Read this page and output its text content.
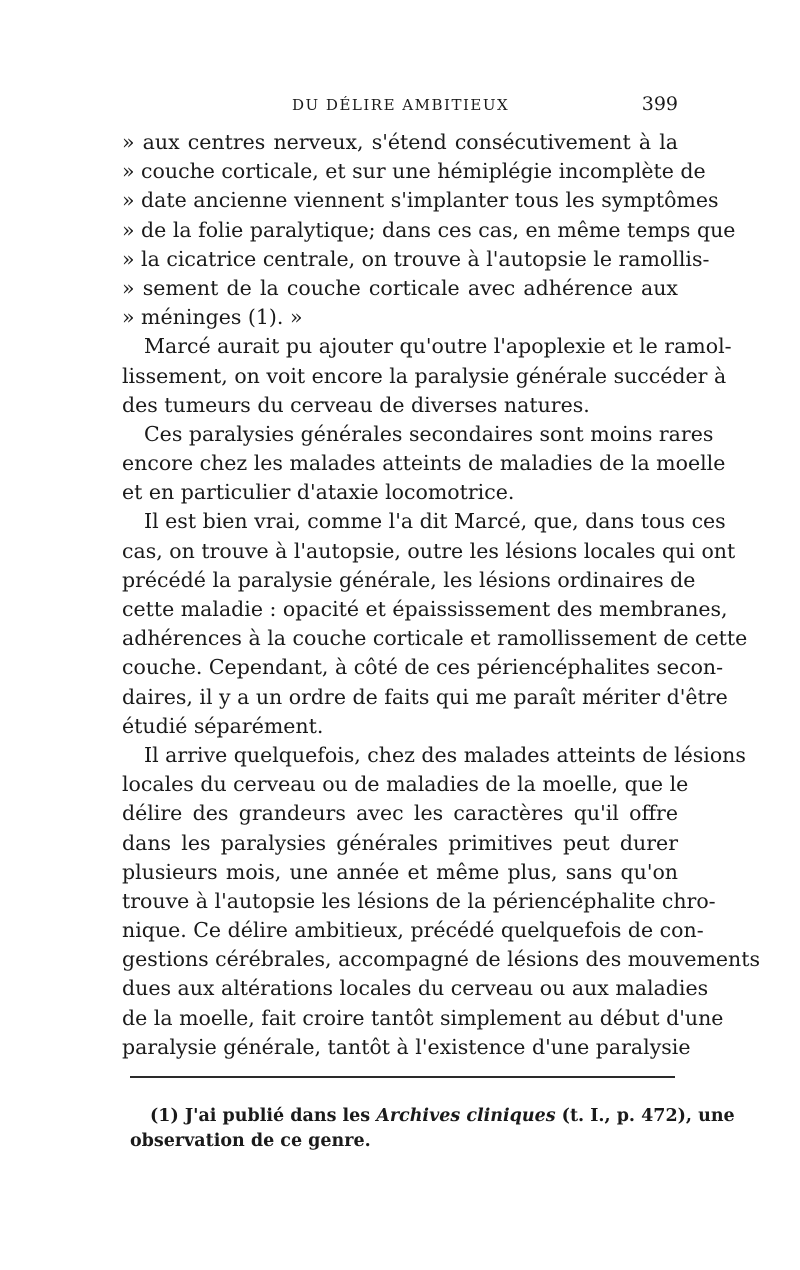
DU DÉLIRE AMBITIEUX	399
» aux centres nerveux, s'étend consécutivement à la
» couche corticale, et sur une hémiplégie incomplète de
» date ancienne viennent s'implanter tous les symptômes
» de la folie paralytique; dans ces cas, en même temps que
» la cicatrice centrale, on trouve à l'autopsie le ramollis-
» sement de la couche corticale avec adhérence aux
» méninges (1). »
Marcé aurait pu ajouter qu'outre l'apoplexie et le ramol-
lissement, on voit encore la paralysie générale succéder à
des tumeurs du cerveau de diverses natures.
Ces paralysies générales secondaires sont moins rares
encore chez les malades atteints de maladies de la moelle
et en particulier d'ataxie locomotrice.
Il est bien vrai, comme l'a dit Marcé, que, dans tous ces
cas, on trouve à l'autopsie, outre les lésions locales qui ont
précédé la paralysie générale, les lésions ordinaires de
cette maladie : opacité et épaississement des membranes,
adhérences à la couche corticale et ramollissement de cette
couche. Cependant, à côté de ces périencéphalites secon-
daires, il y a un ordre de faits qui me paraît mériter d'être
étudié séparément.
Il arrive quelquefois, chez des malades atteints de lésions
locales du cerveau ou de maladies de la moelle, que le
délire des grandeurs avec les caractères qu'il offre
dans les paralysies générales primitives peut durer
plusieurs mois, une année et même plus, sans qu'on
trouve à l'autopsie les lésions de la périencéphalite chro-
nique. Ce délire ambitieux, précédé quelquefois de con-
gestions cérébrales, accompagné de lésions des mouvements
dues aux altérations locales du cerveau ou aux maladies
de la moelle, fait croire tantôt simplement au début d'une
paralysie générale, tantôt à l'existence d'une paralysie
(1) J'ai publié dans les Archives cliniques (t. I., p. 472), une
observation de ce genre.
